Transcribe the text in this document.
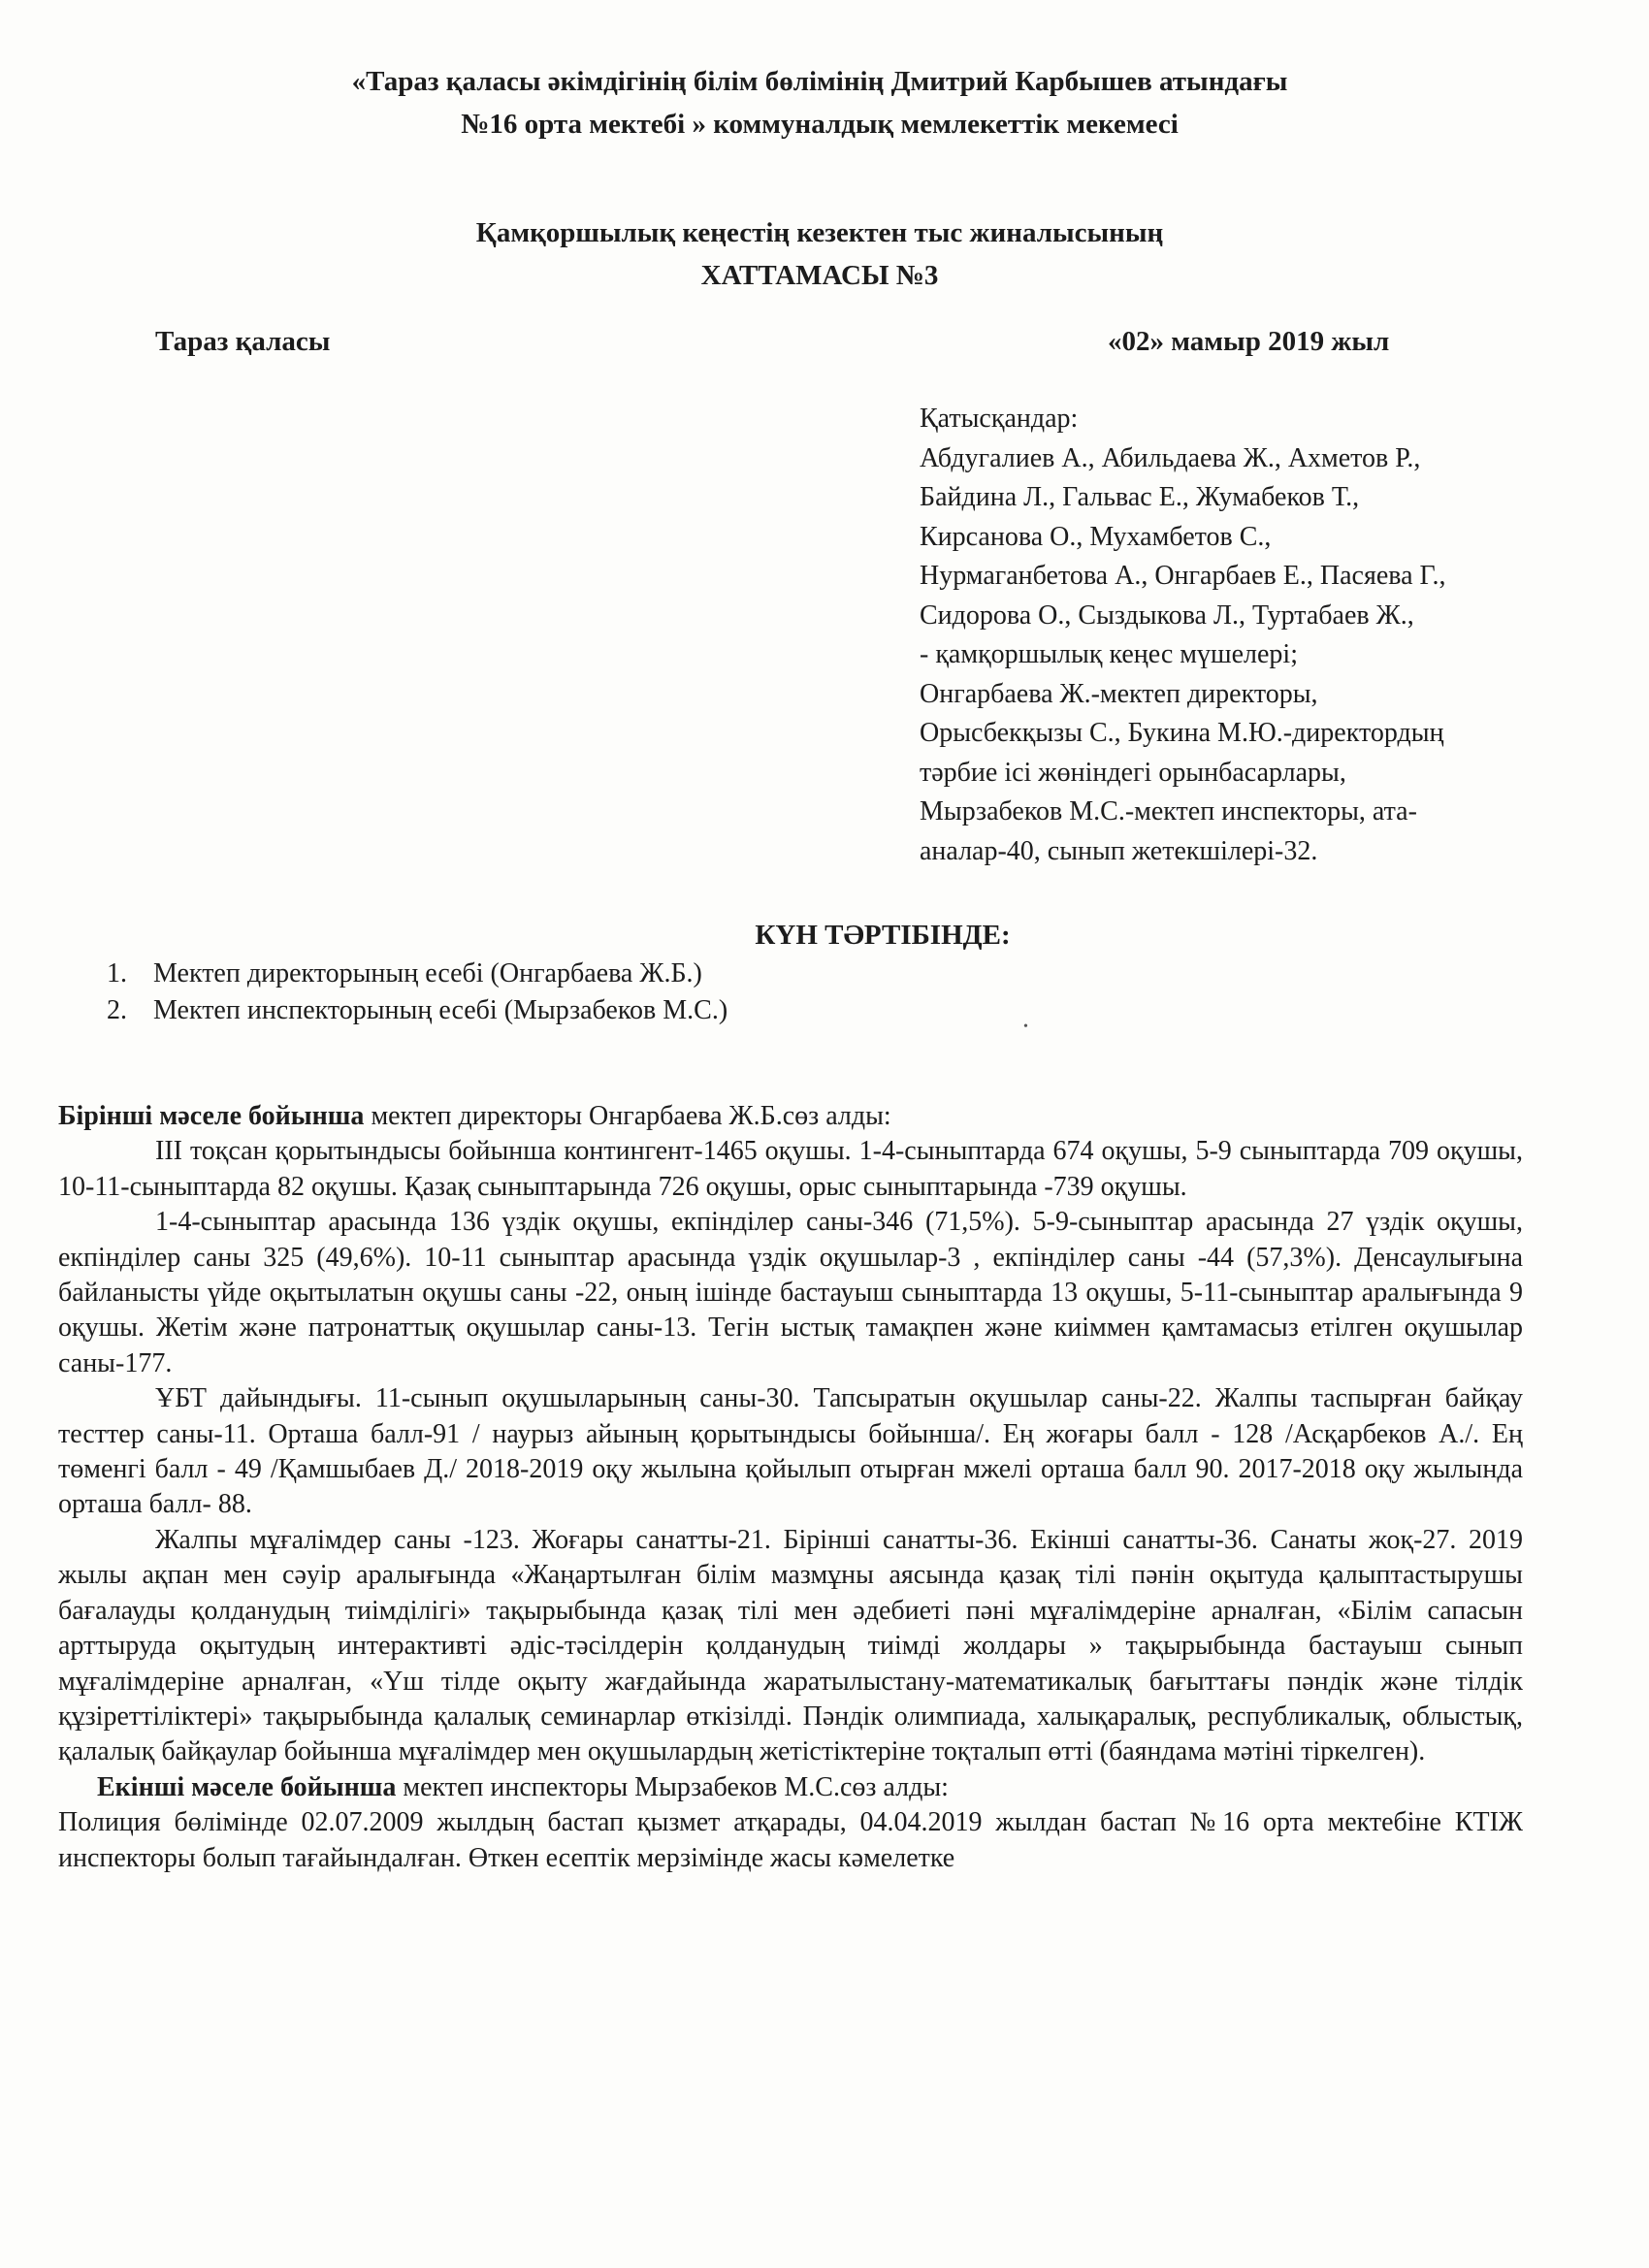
«Тараз қаласы әкімдігінің білім бөлімінің Дмитрий Карбышев атындағы
№16 орта мектебі » коммуналдық мемлекеттік мекемесі
Қамқоршылық кеңестің кезектен тыс жиналысының
ХАТТАМАСЫ №3
Тараз қаласы	«02» мамыр 2019 жыл
Қатысқандар:
Абдугалиев А., Абильдаева Ж., Ахметов Р.,
Байдина Л., Гальвас Е., Жумабеков Т.,
Кирсанова О., Мухамбетов С.,
Нурмаганбетова А., Онгарбаев Е., Пасяева Г.,
Сидорова О., Сыздыкова Л., Туртабаев Ж.,
- қамқоршылық кеңес мүшелері;
Онгарбаева Ж.-мектеп директоры,
Орысбекқызы С., Букина М.Ю.-директордың
тәрбие ісі жөніндегі орынбасарлары,
Мырзабеков М.С.-мектеп инспекторы, ата-
аналар-40, сынып жетекшілері-32.
КҮН ТӘРТІБІНДЕ:
1. Мектеп директорының есебі (Онгарбаева Ж.Б.)
2. Мектеп инспекторының есебі (Мырзабеков М.С.)
•

Бірінші мәселе бойынша мектеп директоры Онгарбаева Ж.Б.сөз алды:

ІІІ тоқсан қорытындысы бойынша контингент-1465 оқушы. 1-4-сыныптарда 674 оқушы, 5-9 сыныптарда 709 оқушы, 10-11-сыныптарда 82 оқушы. Қазақ сыныптарында 726 оқушы, орыс сыныптарында -739 оқушы.

1-4-сыныптар арасында 136 үздік оқушы, екпінділер саны-346 (71,5%). 5-9-сыныптар арасында 27 үздік оқушы, екпінділер саны 325 (49,6%). 10-11 сыныптар арасында үздік оқушылар-3 , екпінділер саны -44 (57,3%). Денсаулығына байланысты үйде оқытылатын оқушы саны -22, оның ішінде бастауыш сыныптарда 13 оқушы, 5-11-сыныптар аралығында 9 оқушы. Жетім және патронаттық оқушылар саны-13. Тегін ыстық тамақпен және киіммен қамтамасыз етілген оқушылар саны-177.

ҰБТ дайындығы. 11-сынып оқушыларының саны-30. Тапсыратын оқушылар саны-22. Жалпы таспырған байқау тесттер саны-11. Орташа балл-91 / наурыз айының қорытындысы бойынша/. Ең жоғары балл - 128 /Асқарбеков А./. Ең төменгі балл - 49 /Қамшыбаев Д./ 2018-2019 оқу жылына қойылып отырған мжелі орташа балл 90. 2017-2018 оқу жылында орташа балл- 88.

Жалпы мұғалімдер саны -123. Жоғары санатты-21. Бірінші санатты-36. Екінші санатты-36. Санаты жоқ-27. 2019 жылы ақпан мен сәуір аралығында «Жаңартылған білім мазмұны аясында қазақ тілі пәнін оқытуда қалыптастырушы бағалауды қолданудың тиімділігі» тақырыбында қазақ тілі мен әдебиеті пәні мұғалімдеріне арналған, «Білім сапасын арттыруда оқытудың интерактивті әдіс-тәсілдерін қолданудың тиімді жолдары » тақырыбында бастауыш сынып мұғалімдеріне арналған, «Үш тілде оқыту жағдайында жаратылыстану-математикалық бағыттағы пәндік және тілдік құзіреттіліктері» тақырыбында қалалық семинарлар өткізілді. Пәндік олимпиада, халықаралық, республикалық, облыстық, қалалық байқаулар бойынша мұғалімдер мен оқушылардың жетістіктеріне тоқталып өтті (баяндама мәтіні тіркелген).

Екінші мәселе бойынша мектеп инспекторы Мырзабеков М.С.сөз алды:

Полиция бөлімінде 02.07.2009 жылдың бастап қызмет атқарады, 04.04.2019 жылдан бастап №16 орта мектебіне КТІЖ инспекторы болып тағайындалған. Өткен есептік мерзімінде жасы кәмелетке
